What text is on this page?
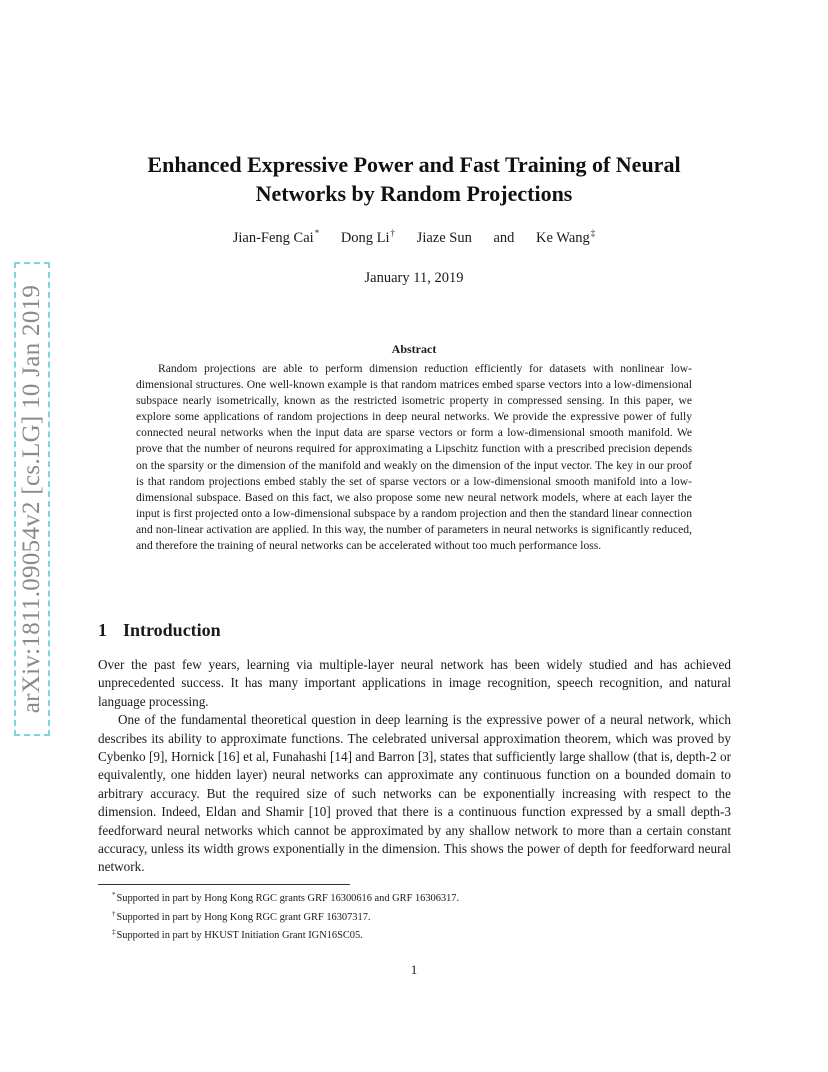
arXiv:1811.09054v2 [cs.LG] 10 Jan 2019
Enhanced Expressive Power and Fast Training of Neural Networks by Random Projections
Jian-Feng Cai* Dong Li† Jiaze Sun and Ke Wang‡
January 11, 2019
Abstract

Random projections are able to perform dimension reduction efficiently for datasets with nonlinear low-dimensional structures. One well-known example is that random matrices embed sparse vectors into a low-dimensional subspace nearly isometrically, known as the restricted isometric property in compressed sensing. In this paper, we explore some applications of random projections in deep neural networks. We provide the expressive power of fully connected neural networks when the input data are sparse vectors or form a low-dimensional smooth manifold. We prove that the number of neurons required for approximating a Lipschitz function with a prescribed precision depends on the sparsity or the dimension of the manifold and weakly on the dimension of the input vector. The key in our proof is that random projections embed stably the set of sparse vectors or a low-dimensional smooth manifold into a low-dimensional subspace. Based on this fact, we also propose some new neural network models, where at each layer the input is first projected onto a low-dimensional subspace by a random projection and then the standard linear connection and non-linear activation are applied. In this way, the number of parameters in neural networks is significantly reduced, and therefore the training of neural networks can be accelerated without too much performance loss.

1 Introduction

Over the past few years, learning via multiple-layer neural network has been widely studied and has achieved unprecedented success. It has many important applications in image recognition, speech recognition, and natural language processing.

One of the fundamental theoretical question in deep learning is the expressive power of a neural network, which describes its ability to approximate functions. The celebrated universal approximation theorem, which was proved by Cybenko [9], Hornick [16] et al, Funahashi [14] and Barron [3], states that sufficiently large shallow (that is, depth-2 or equivalently, one hidden layer) neural networks can approximate any continuous function on a bounded domain to arbitrary accuracy. But the required size of such networks can be exponentially increasing with respect to the dimension. Indeed, Eldan and Shamir [10] proved that there is a continuous function expressed by a small depth-3 feedforward neural networks which cannot be approximated by any shallow network to more than a certain constant accuracy, unless its width grows exponentially in the dimension. This shows the power of depth for feedforward neural network.

*Supported in part by Hong Kong RGC grants GRF 16300616 and GRF 16306317.
†Supported in part by Hong Kong RGC grant GRF 16307317.
‡Supported in part by HKUST Initiation Grant IGN16SC05.
1
